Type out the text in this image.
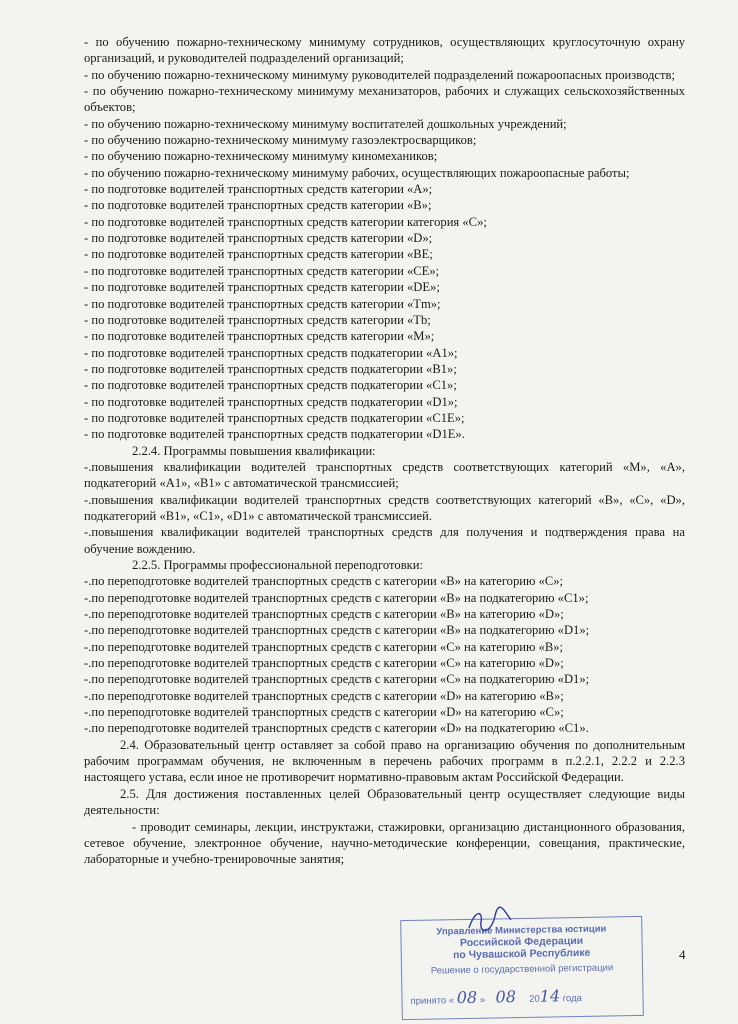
- по обучению пожарно-техническому минимуму сотрудников, осуществляющих круглосуточную охрану организаций, и руководителей подразделений организаций;

- по обучению пожарно-техническому минимуму руководителей подразделений пожароопасных производств;

- по обучению пожарно-техническому минимуму механизаторов, рабочих и служащих сельскохозяйственных объектов;

- по обучению пожарно-техническому минимуму воспитателей дошкольных учреждений;

- по обучению пожарно-техническому минимуму газоэлектросварщиков;

- по обучению пожарно-техническому минимуму киномехаников;

- по обучению пожарно-техническому минимуму рабочих, осуществляющих пожароопасные работы;

- по подготовке водителей транспортных средств категории «А»;

- по подготовке водителей транспортных средств категории «В»;

- по подготовке водителей транспортных средств категории категория «С»;

- по подготовке водителей транспортных средств категории «D»;

- по подготовке водителей транспортных средств категории «ВЕ;

- по подготовке водителей транспортных средств категории «СЕ»;

- по подготовке водителей транспортных средств категории «DE»;

- по подготовке водителей транспортных средств категории «Tm»;

- по подготовке водителей транспортных средств категории «Tb;

- по подготовке водителей транспортных средств категории «М»;

- по подготовке водителей транспортных средств подкатегории «А1»;

- по подготовке водителей транспортных средств подкатегории «В1»;

- по подготовке водителей транспортных средств подкатегории «С1»;

- по подготовке водителей транспортных средств подкатегории «D1»;

- по подготовке водителей транспортных средств подкатегории «С1Е»;

- по подготовке водителей транспортных средств подкатегории «D1Е».

2.2.4. Программы повышения квалификации:

-.повышения квалификации водителей транспортных средств соответствующих категорий «М», «А», подкатегорий «А1», «В1» с автоматической трансмиссией;

-.повышения квалификации водителей транспортных средств соответствующих категорий «В», «С», «D», подкатегорий «В1», «С1», «D1» с автоматической трансмиссией.

-.повышения квалификации водителей транспортных средств для получения и подтверждения права на обучение вождению.

2.2.5. Программы профессиональной переподготовки:

-.по переподготовке водителей транспортных средств с категории «В» на категорию «С»;

-.по переподготовке водителей транспортных средств с категории «В» на подкатегорию «С1»;

-.по переподготовке водителей транспортных средств с категории «В» на категорию «D»;

-.по переподготовке водителей транспортных средств с категории «В» на подкатегорию «D1»;

-.по переподготовке водителей транспортных средств с категории «С» на категорию «В»;

-.по переподготовке водителей транспортных средств с категории «С» на категорию «D»;

-.по переподготовке водителей транспортных средств с категории «С» на подкатегорию «D1»;

-.по переподготовке водителей транспортных средств с категории «D» на категорию «В»;

-.по переподготовке водителей транспортных средств с категории «D» на категорию «С»;

-.по переподготовке водителей транспортных средств с категории «D» на подкатегорию «С1».

2.4. Образовательный центр оставляет за собой право на организацию обучения по дополнительным рабочим программам обучения, не включенным в перечень рабочих программ в п.2.2.1, 2.2.2 и 2.2.3 настоящего устава, если иное не противоречит нормативно-правовым актам Российской Федерации.

2.5. Для достижения поставленных целей Образовательный центр осуществляет следующие виды деятельности:

- проводит семинары, лекции, инструктажи, стажировки, организацию дистанционного образования, сетевое обучение, электронное обучение, научно-методические конференции, совещания, практические, лабораторные и учебно-тренировочные занятия;

Управление Министерства юстиции
Российской Федерации
по Чувашской Республике
Решение о государственной регистрации
принято « 08 »    08 2014 года
4
